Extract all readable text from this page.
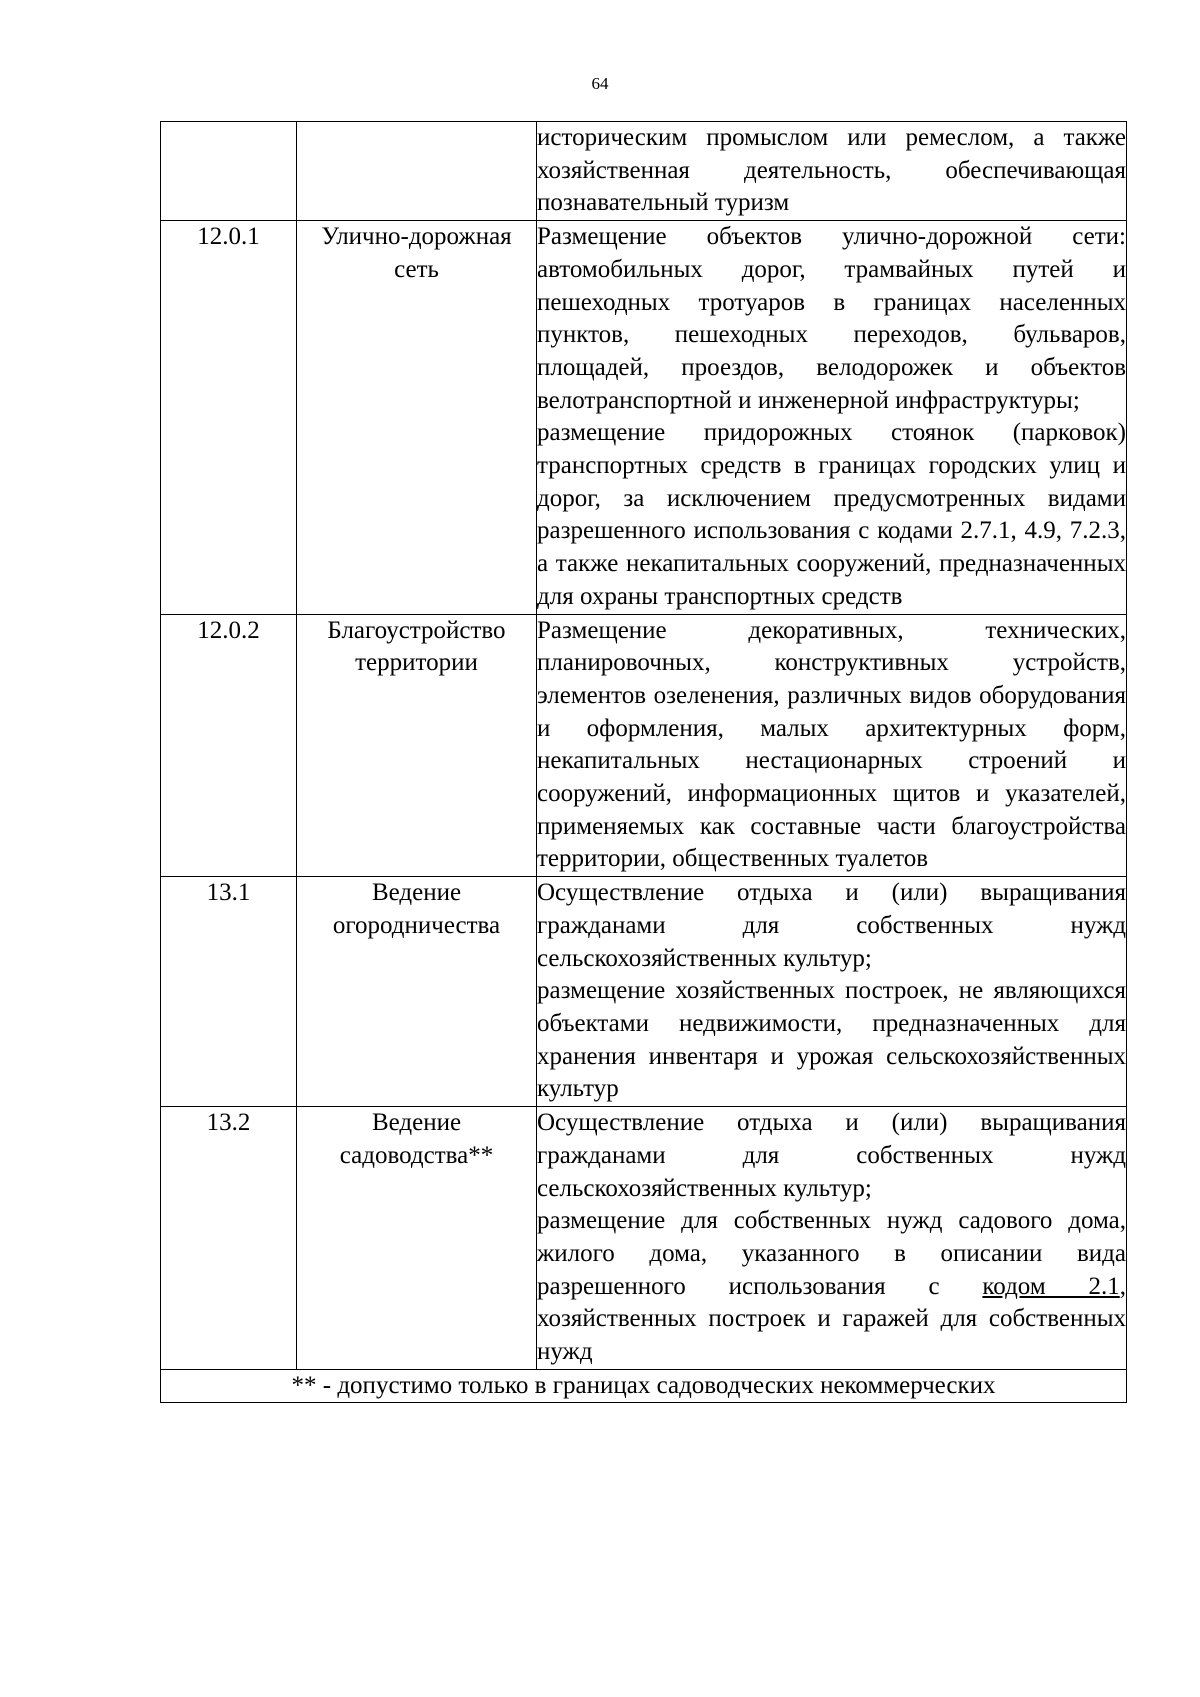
64

		историческим промыслом или ремеслом, а также хозяйственная деятельность, обеспечивающая познавательный туризм

12.0.1	Улично-дорожная сеть	Размещение объектов улично-дорожной сети: автомобильных дорог, трамвайных путей и пешеходных тротуаров в границах населенных пунктов, пешеходных переходов, бульваров, площадей, проездов, велодорожек и объектов велотранспортной и инженерной инфраструктуры;

размещение придорожных стоянок (парковок) транспортных средств в границах городских улиц и дорог, за исключением предусмотренных видами разрешенного использования с кодами 2.7.1, 4.9, 7.2.3, а также некапитальных сооружений, предназначенных для охраны транспортных средств

12.0.2	Благоустройство территории	Размещение декоративных, технических, планировочных, конструктивных устройств, элементов озеленения, различных видов оборудования и оформления, малых архитектурных форм, некапитальных нестационарных строений и сооружений, информационных щитов и указателей, применяемых как составные части благоустройства территории, общественных туалетов

13.1	Ведение огородничества	Осуществление отдыха и (или) выращивания гражданами для собственных нужд сельскохозяйственных культур;

размещение хозяйственных построек, не являющихся объектами недвижимости, предназначенных для хранения инвентаря и урожая сельскохозяйственных культур

13.2	Ведение садоводства**	Осуществление отдыха и (или) выращивания гражданами для собственных нужд сельскохозяйственных культур;

размещение для собственных нужд садового дома, жилого дома, указанного в описании вида разрешенного использования с кодом 2.1, хозяйственных построек и гаражей для собственных нужд

** - допустимо только в границах садоводческих некоммерческих		
